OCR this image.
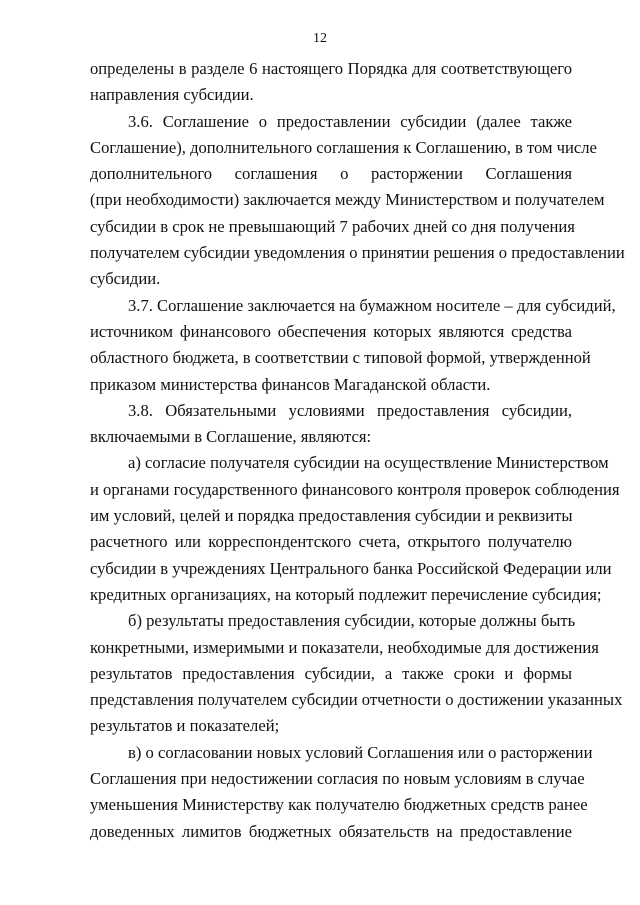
12
определены в разделе 6 настоящего Порядка для соответствующего
направления субсидии.
3.6. Соглашение о предоставлении субсидии (далее также
Соглашение), дополнительного соглашения к Соглашению, в том числе
дополнительного соглашения о расторжении Соглашения
(при необходимости) заключается между Министерством и получателем
субсидии в срок не превышающий 7 рабочих дней со дня получения
получателем субсидии уведомления о принятии решения о предоставлении
субсидии.
3.7. Соглашение заключается на бумажном носителе – для субсидий,
источником финансового обеспечения которых являются средства
областного бюджета, в соответствии с типовой формой, утвержденной
приказом министерства финансов Магаданской области.
3.8. Обязательными условиями предоставления субсидии,
включаемыми в Соглашение, являются:
а) согласие получателя субсидии на осуществление Министерством
и органами государственного финансового контроля проверок соблюдения
им условий, целей и порядка предоставления субсидии и реквизиты
расчетного или корреспондентского счета, открытого получателю
субсидии в учреждениях Центрального банка Российской Федерации или
кредитных организациях, на который подлежит перечисление субсидия;
б) результаты предоставления субсидии, которые должны быть
конкретными, измеримыми и показатели, необходимые для достижения
результатов предоставления субсидии, а также сроки и формы
представления получателем субсидии отчетности о достижении указанных
результатов и показателей;
в) о согласовании новых условий Соглашения или о расторжении
Соглашения при недостижении согласия по новым условиям в случае
уменьшения Министерству как получателю бюджетных средств ранее
доведенных лимитов бюджетных обязательств на предоставление
